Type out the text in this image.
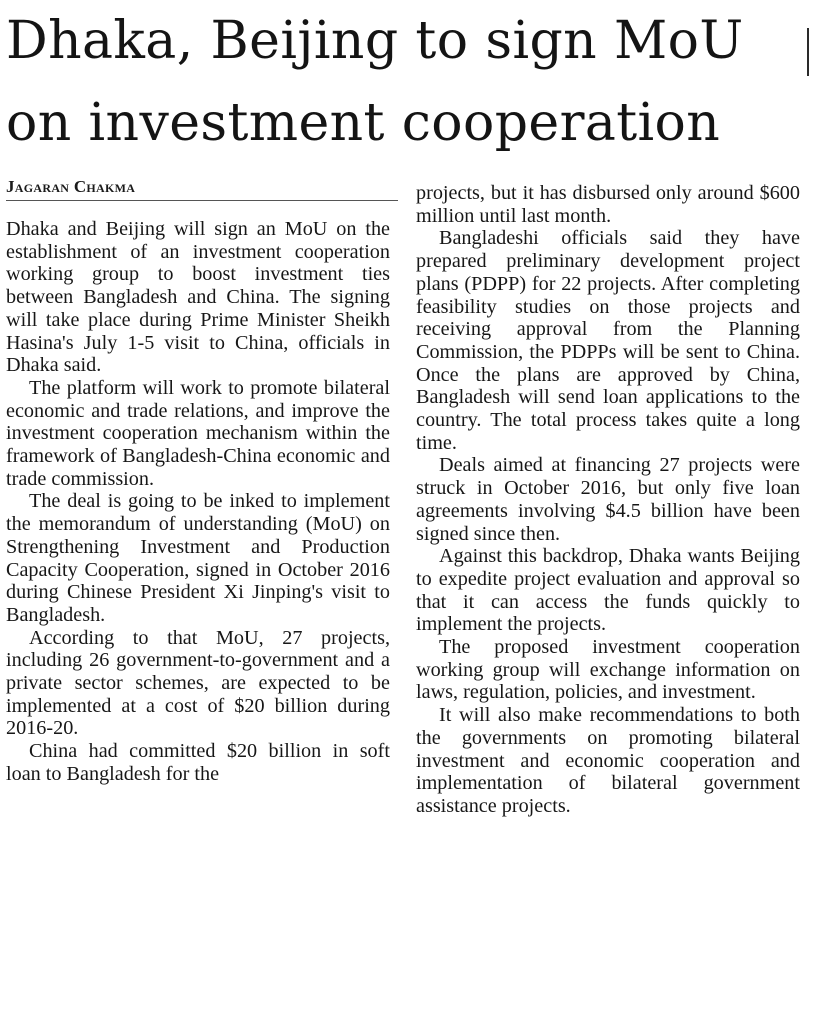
Dhaka, Beijing to sign MoU
on investment cooperation
Jagaran Chakma

Dhaka and Beijing will sign an MoU on the establishment of an investment cooperation working group to boost investment ties between Bangladesh and China. The signing will take place during Prime Minister Sheikh Hasina's July 1-5 visit to China, officials in Dhaka said.

The platform will work to promote bilateral economic and trade relations, and improve the investment cooperation mechanism within the framework of Bangladesh-China economic and trade commission.

The deal is going to be inked to implement the memorandum of understanding (MoU) on Strengthening Investment and Production Capacity Cooperation, signed in October 2016 during Chinese President Xi Jinping's visit to Bangladesh.

According to that MoU, 27 projects, including 26 government-to-government and a private sector schemes, are expected to be implemented at a cost of $20 billion during 2016-20.

China had committed $20 billion in soft loan to Bangladesh for the

projects, but it has disbursed only around $600 million until last month.

Bangladeshi officials said they have prepared preliminary development project plans (PDPP) for 22 projects. After completing feasibility studies on those projects and receiving approval from the Planning Commission, the PDPPs will be sent to China. Once the plans are approved by China, Bangladesh will send loan applications to the country. The total process takes quite a long time.

Deals aimed at financing 27 projects were struck in October 2016, but only five loan agreements involving $4.5 billion have been signed since then.

Against this backdrop, Dhaka wants Beijing to expedite project evaluation and approval so that it can access the funds quickly to implement the projects.

The proposed investment cooperation working group will exchange information on laws, regulation, policies, and investment.

It will also make recommendations to both the governments on promoting bilateral investment and economic cooperation and implementation of bilateral government assistance projects.
